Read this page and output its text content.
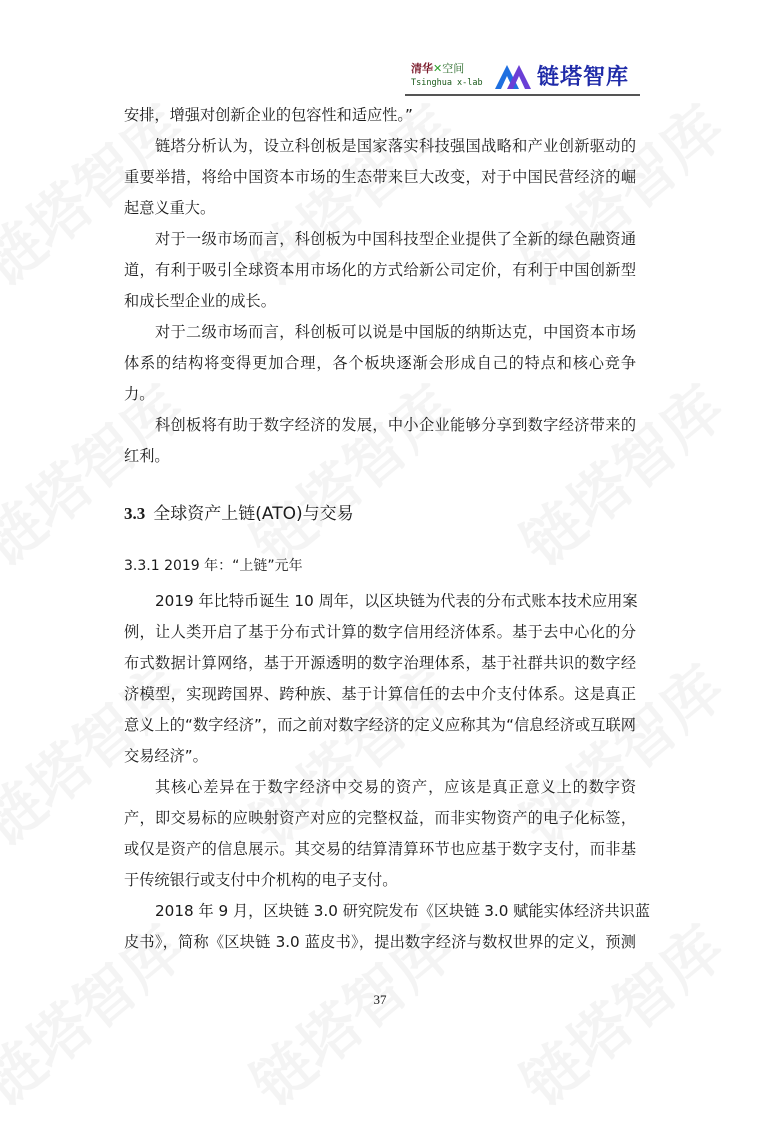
清华✕空间
Tsinghua x-lab 链塔智库
安排，增强对创新企业的包容性和适应性。”
链塔分析认为，设立科创板是国家落实科技强国战略和产业创新驱动的
重要举措，将给中国资本市场的生态带来巨大改变，对于中国民营经济的崛
起意义重大。
对于一级市场而言，科创板为中国科技型企业提供了全新的绿色融资通
道，有利于吸引全球资本用市场化的方式给新公司定价，有利于中国创新型
和成长型企业的成长。
对于二级市场而言，科创板可以说是中国版的纳斯达克，中国资本市场
体系的结构将变得更加合理，各个板块逐渐会形成自己的特点和核心竞争
力。
科创板将有助于数字经济的发展，中小企业能够分享到数字经济带来的
红利。
3.3 全球资产上链(ATO)与交易
3.3.1 2019 年：“上链”元年
2019 年比特币诞生 10 周年，以区块链为代表的分布式账本技术应用案
例，让人类开启了基于分布式计算的数字信用经济体系。基于去中心化的分
布式数据计算网络，基于开源透明的数字治理体系，基于社群共识的数字经
济模型，实现跨国界、跨种族、基于计算信任的去中介支付体系。这是真正
意义上的“数字经济”，而之前对数字经济的定义应称其为“信息经济或互联网
交易经济”。
其核心差异在于数字经济中交易的资产，应该是真正意义上的数字资
产，即交易标的应映射资产对应的完整权益，而非实物资产的电子化标签，
或仅是资产的信息展示。其交易的结算清算环节也应基于数字支付，而非基
于传统银行或支付中介机构的电子支付。
2018 年 9 月，区块链 3.0 研究院发布《区块链 3.0 赋能实体经济共识蓝
皮书》，简称《区块链 3.0 蓝皮书》，提出数字经济与数权世界的定义，预测
37
